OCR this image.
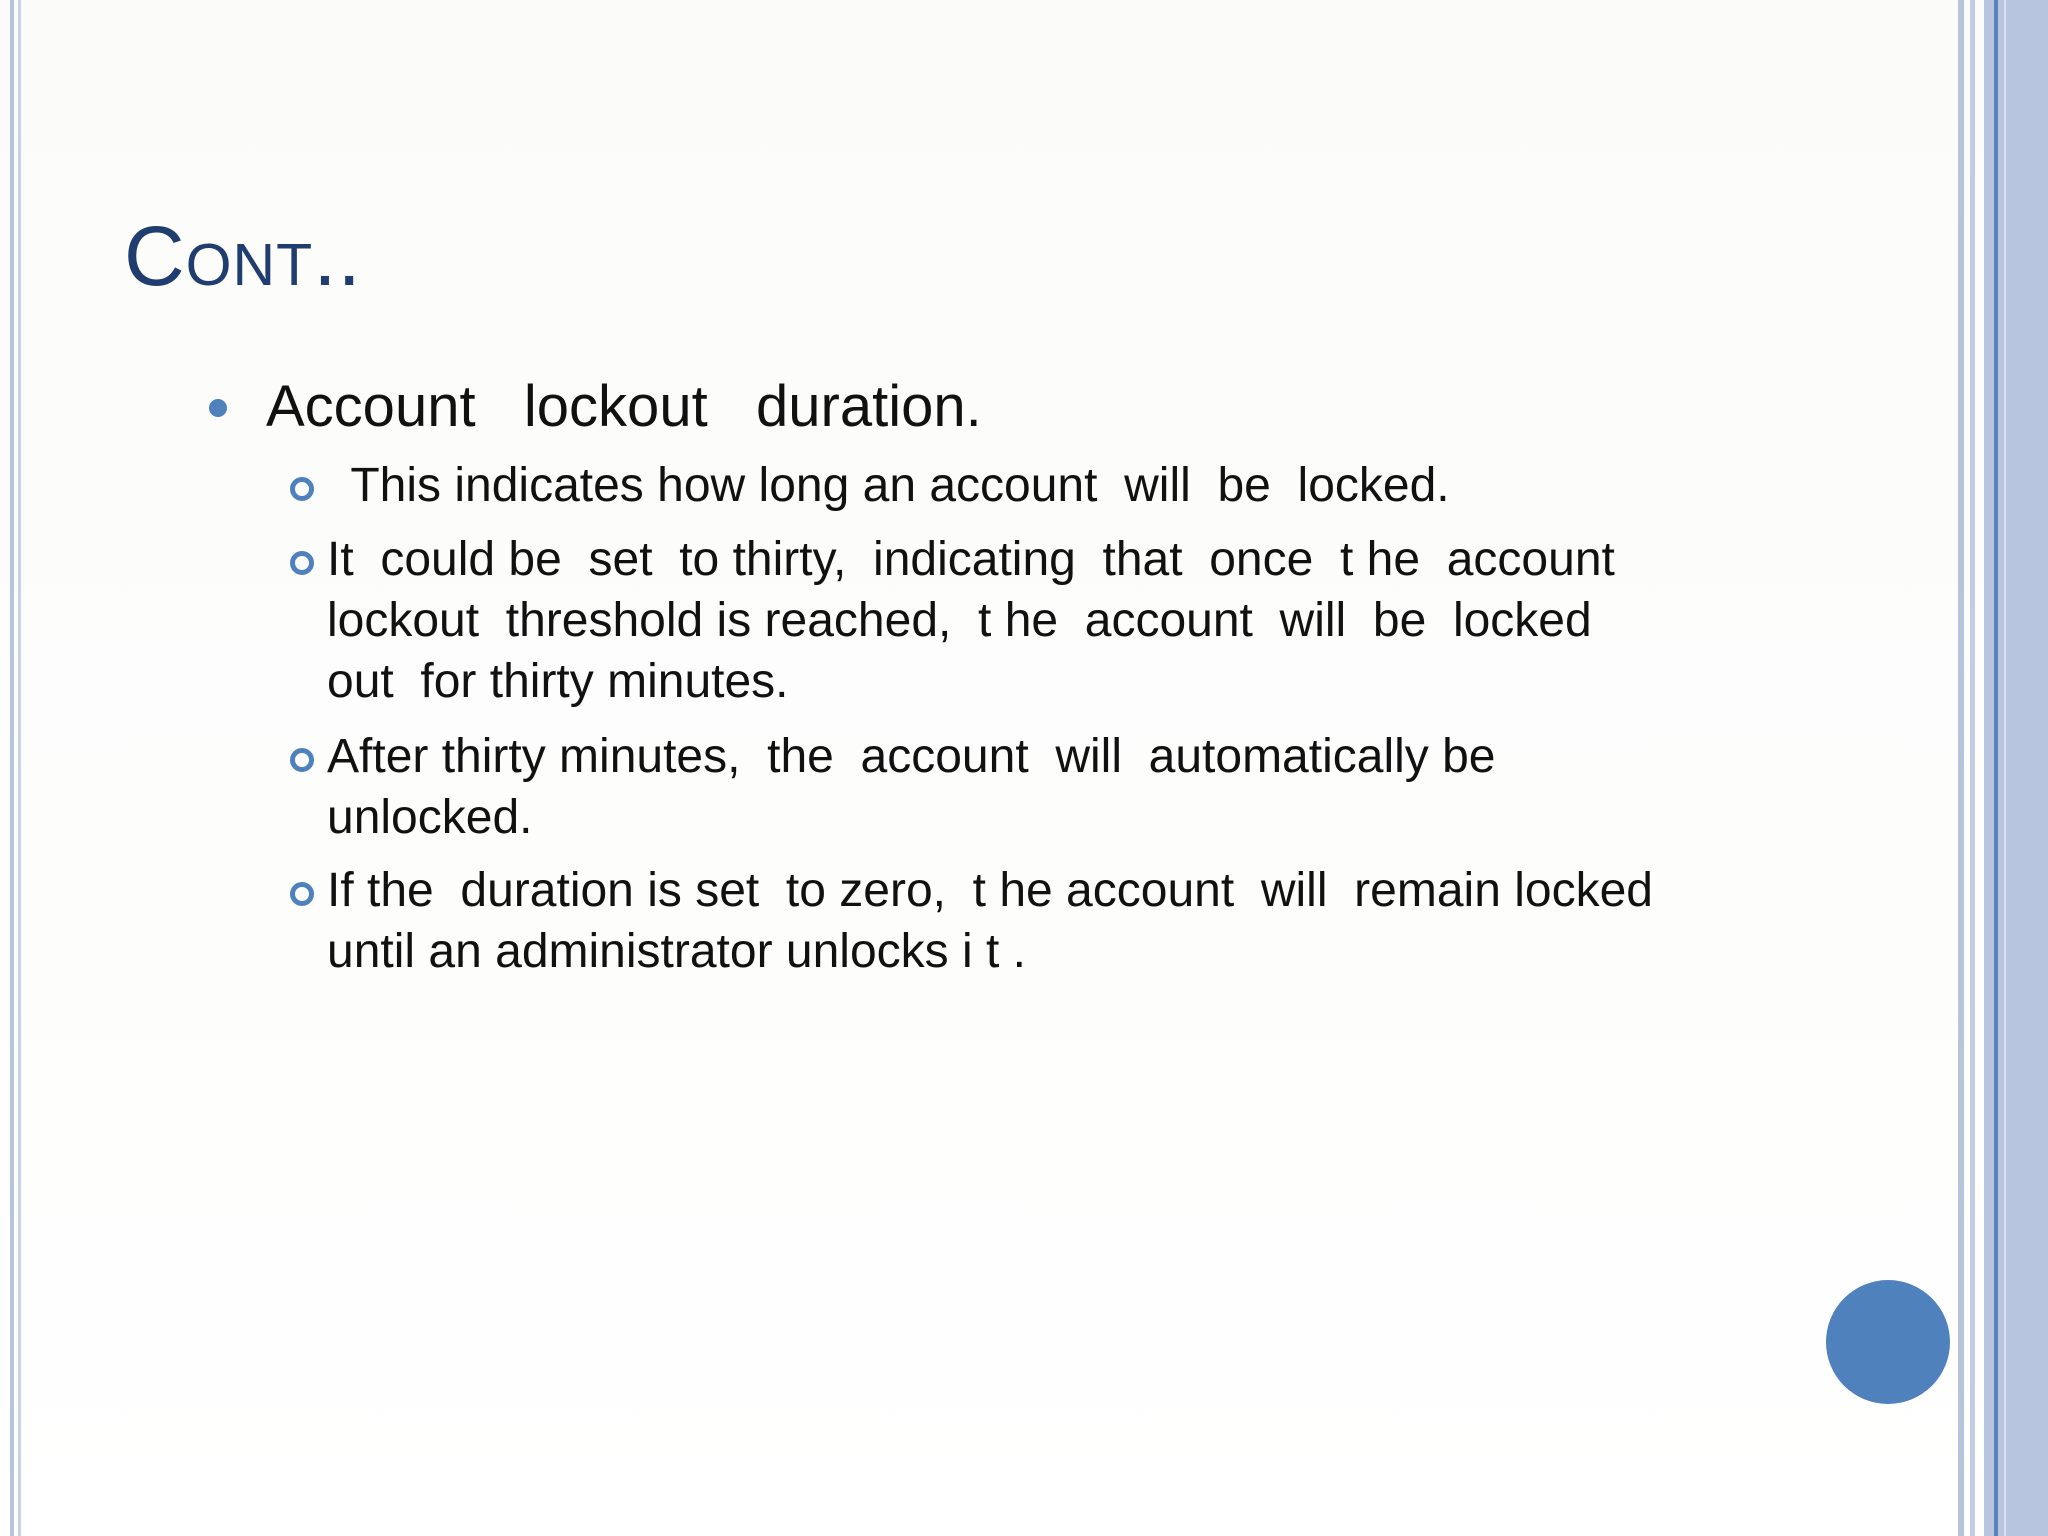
Cont..
Account   lockout   duration.
This indicates how long an account  will  be  locked.
It  could be  set  to thirty,  indicating  that  once  t he  account
lockout  threshold is reached,  t he  account  will  be  locked
out  for thirty minutes.
After thirty minutes,  the  account  will  automatically be
unlocked.
If the  duration is set  to zero,  t he account  will  remain locked
until an administrator unlocks i t .
